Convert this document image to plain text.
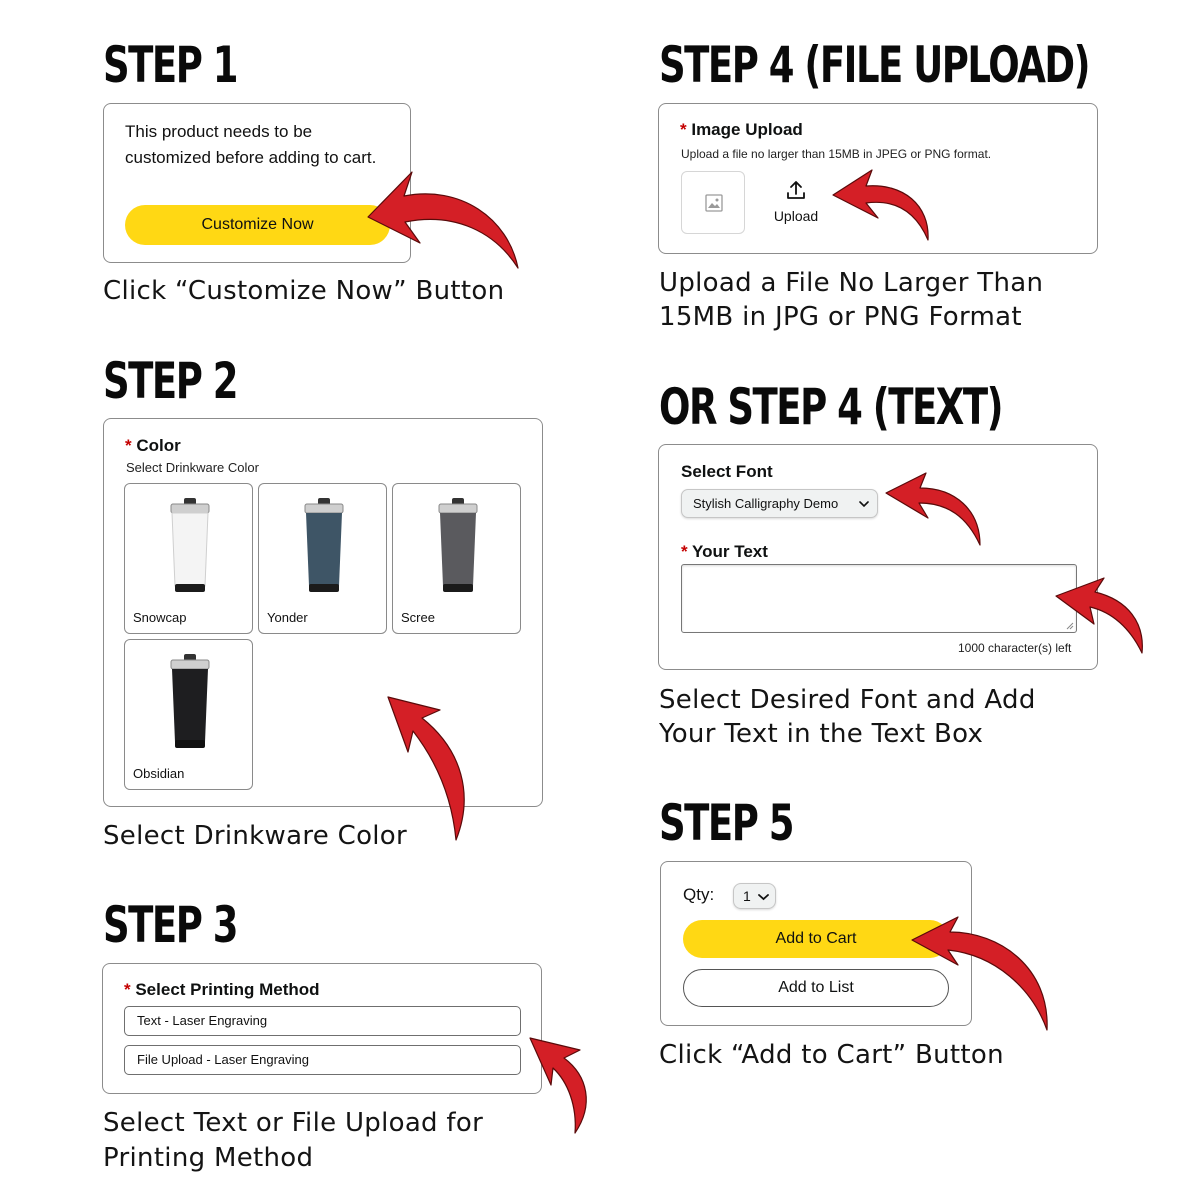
STEP 1
This product needs to be customized before adding to cart.
Customize Now
Click “Customize Now” Button
STEP 2
* Color
Select Drinkware Color
Snowcap	Yonder	Scree
Obsidian
Select Drinkware Color
STEP 3
* Select Printing Method
Text - Laser Engraving
File Upload - Laser Engraving
Select Text or File Upload for
Printing Method
STEP 4 (FILE UPLOAD)
* Image Upload
Upload a file no larger than 15MB in JPEG or PNG format.
Upload
Upload a File No Larger Than
15MB in JPG or PNG Format
OR STEP 4 (TEXT)
Select Font
Stylish Calligraphy Demo
* Your Text
1000 character(s) left
Select Desired Font and Add
Your Text in the Text Box
STEP 5
Qty: 1
Add to Cart
Add to List
Click “Add to Cart” Button
